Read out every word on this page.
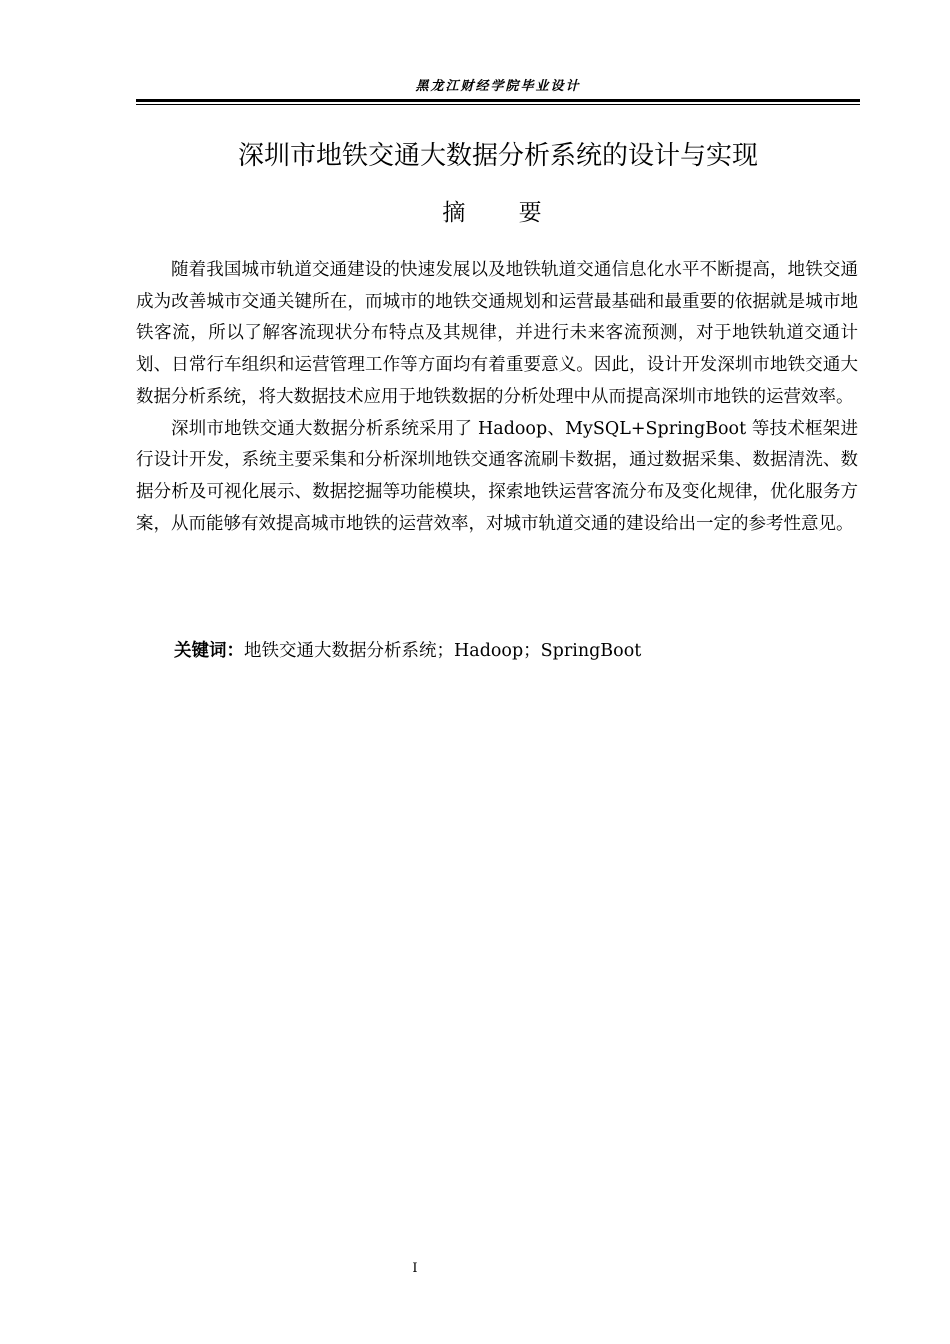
黑龙江财经学院毕业设计
深圳市地铁交通大数据分析系统的设计与实现
摘 要

随着我国城市轨道交通建设的快速发展以及地铁轨道交通信息化水平不断提高，地铁交通成为改善城市交通关键所在，而城市的地铁交通规划和运营最基础和最重要的依据就是城市地铁客流，所以了解客流现状分布特点及其规律，并进行未来客流预测，对于地铁轨道交通计划、日常行车组织和运营管理工作等方面均有着重要意义。因此，设计开发深圳市地铁交通大数据分析系统，将大数据技术应用于地铁数据的分析处理中从而提高深圳市地铁的运营效率。

深圳市地铁交通大数据分析系统采用了 Hadoop、MySQL+SpringBoot 等技术框架进行设计开发，系统主要采集和分析深圳地铁交通客流刷卡数据，通过数据采集、数据清洗、数据分析及可视化展示、数据挖掘等功能模块，探索地铁运营客流分布及变化规律，优化服务方案，从而能够有效提高城市地铁的运营效率，对城市轨道交通的建设给出一定的参考性意见。

关键词：地铁交通大数据分析系统；Hadoop；SpringBoot
I
